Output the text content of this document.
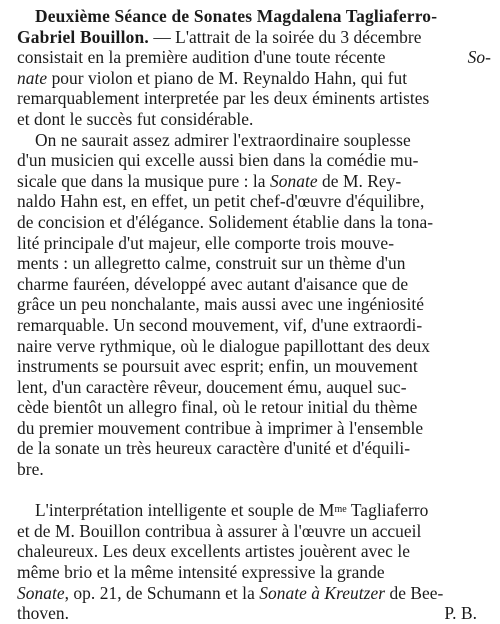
Deuxième Séance de Sonates Magdalena Tagliaferro-
Gabriel Bouillon. — L'attrait de la soirée du 3 décembre
consistait en la première audition d'une toute récente	So-
nate
pour violon et piano de M. Reynaldo Hahn, qui fut
remarquablement interpretée par les deux éminents artistes
et dont le succès fut considérable.
On ne saurait assez admirer l'extraordinaire souplesse
d'un musicien qui excelle aussi bien dans la comédie mu-
sicale que dans la musique pure : la
Sonate
de M. Rey-
naldo Hahn est, en effet, un petit chef-d'œuvre d'équilibre,
de concision et d'élégance. Solidement établie dans la tona-
lité principale d'ut majeur, elle comporte trois mouve-
ments : un allegretto calme, construit sur un thème d'un
charme fauréen, développé avec autant d'aisance que de
grâce un peu nonchalante, mais aussi avec une ingéniosité
remarquable. Un second mouvement, vif, d'une extraordi-
naire verve rythmique, où le dialogue papillottant des deux
instruments se poursuit avec esprit; enfin, un mouvement
lent, d'un caractère rêveur, doucement ému, auquel suc-
cède bientôt un allegro final, où le retour initial du thème
du premier mouvement contribue à imprimer à l'ensemble
de la sonate un très heureux caractère d'unité et d'équili-
bre.
L'interprétation intelligente et souple de M me Tagliaferro
et de M. Bouillon contribua à assurer à l'œuvre un accueil
chaleureux. Les deux excellents artistes jouèrent avec le
même brio et la même intensité expressive la grande
Sonate , op. 21, de Schumann et la
Sonate à Kreutzer de Bee-
thoven.	P. B.
